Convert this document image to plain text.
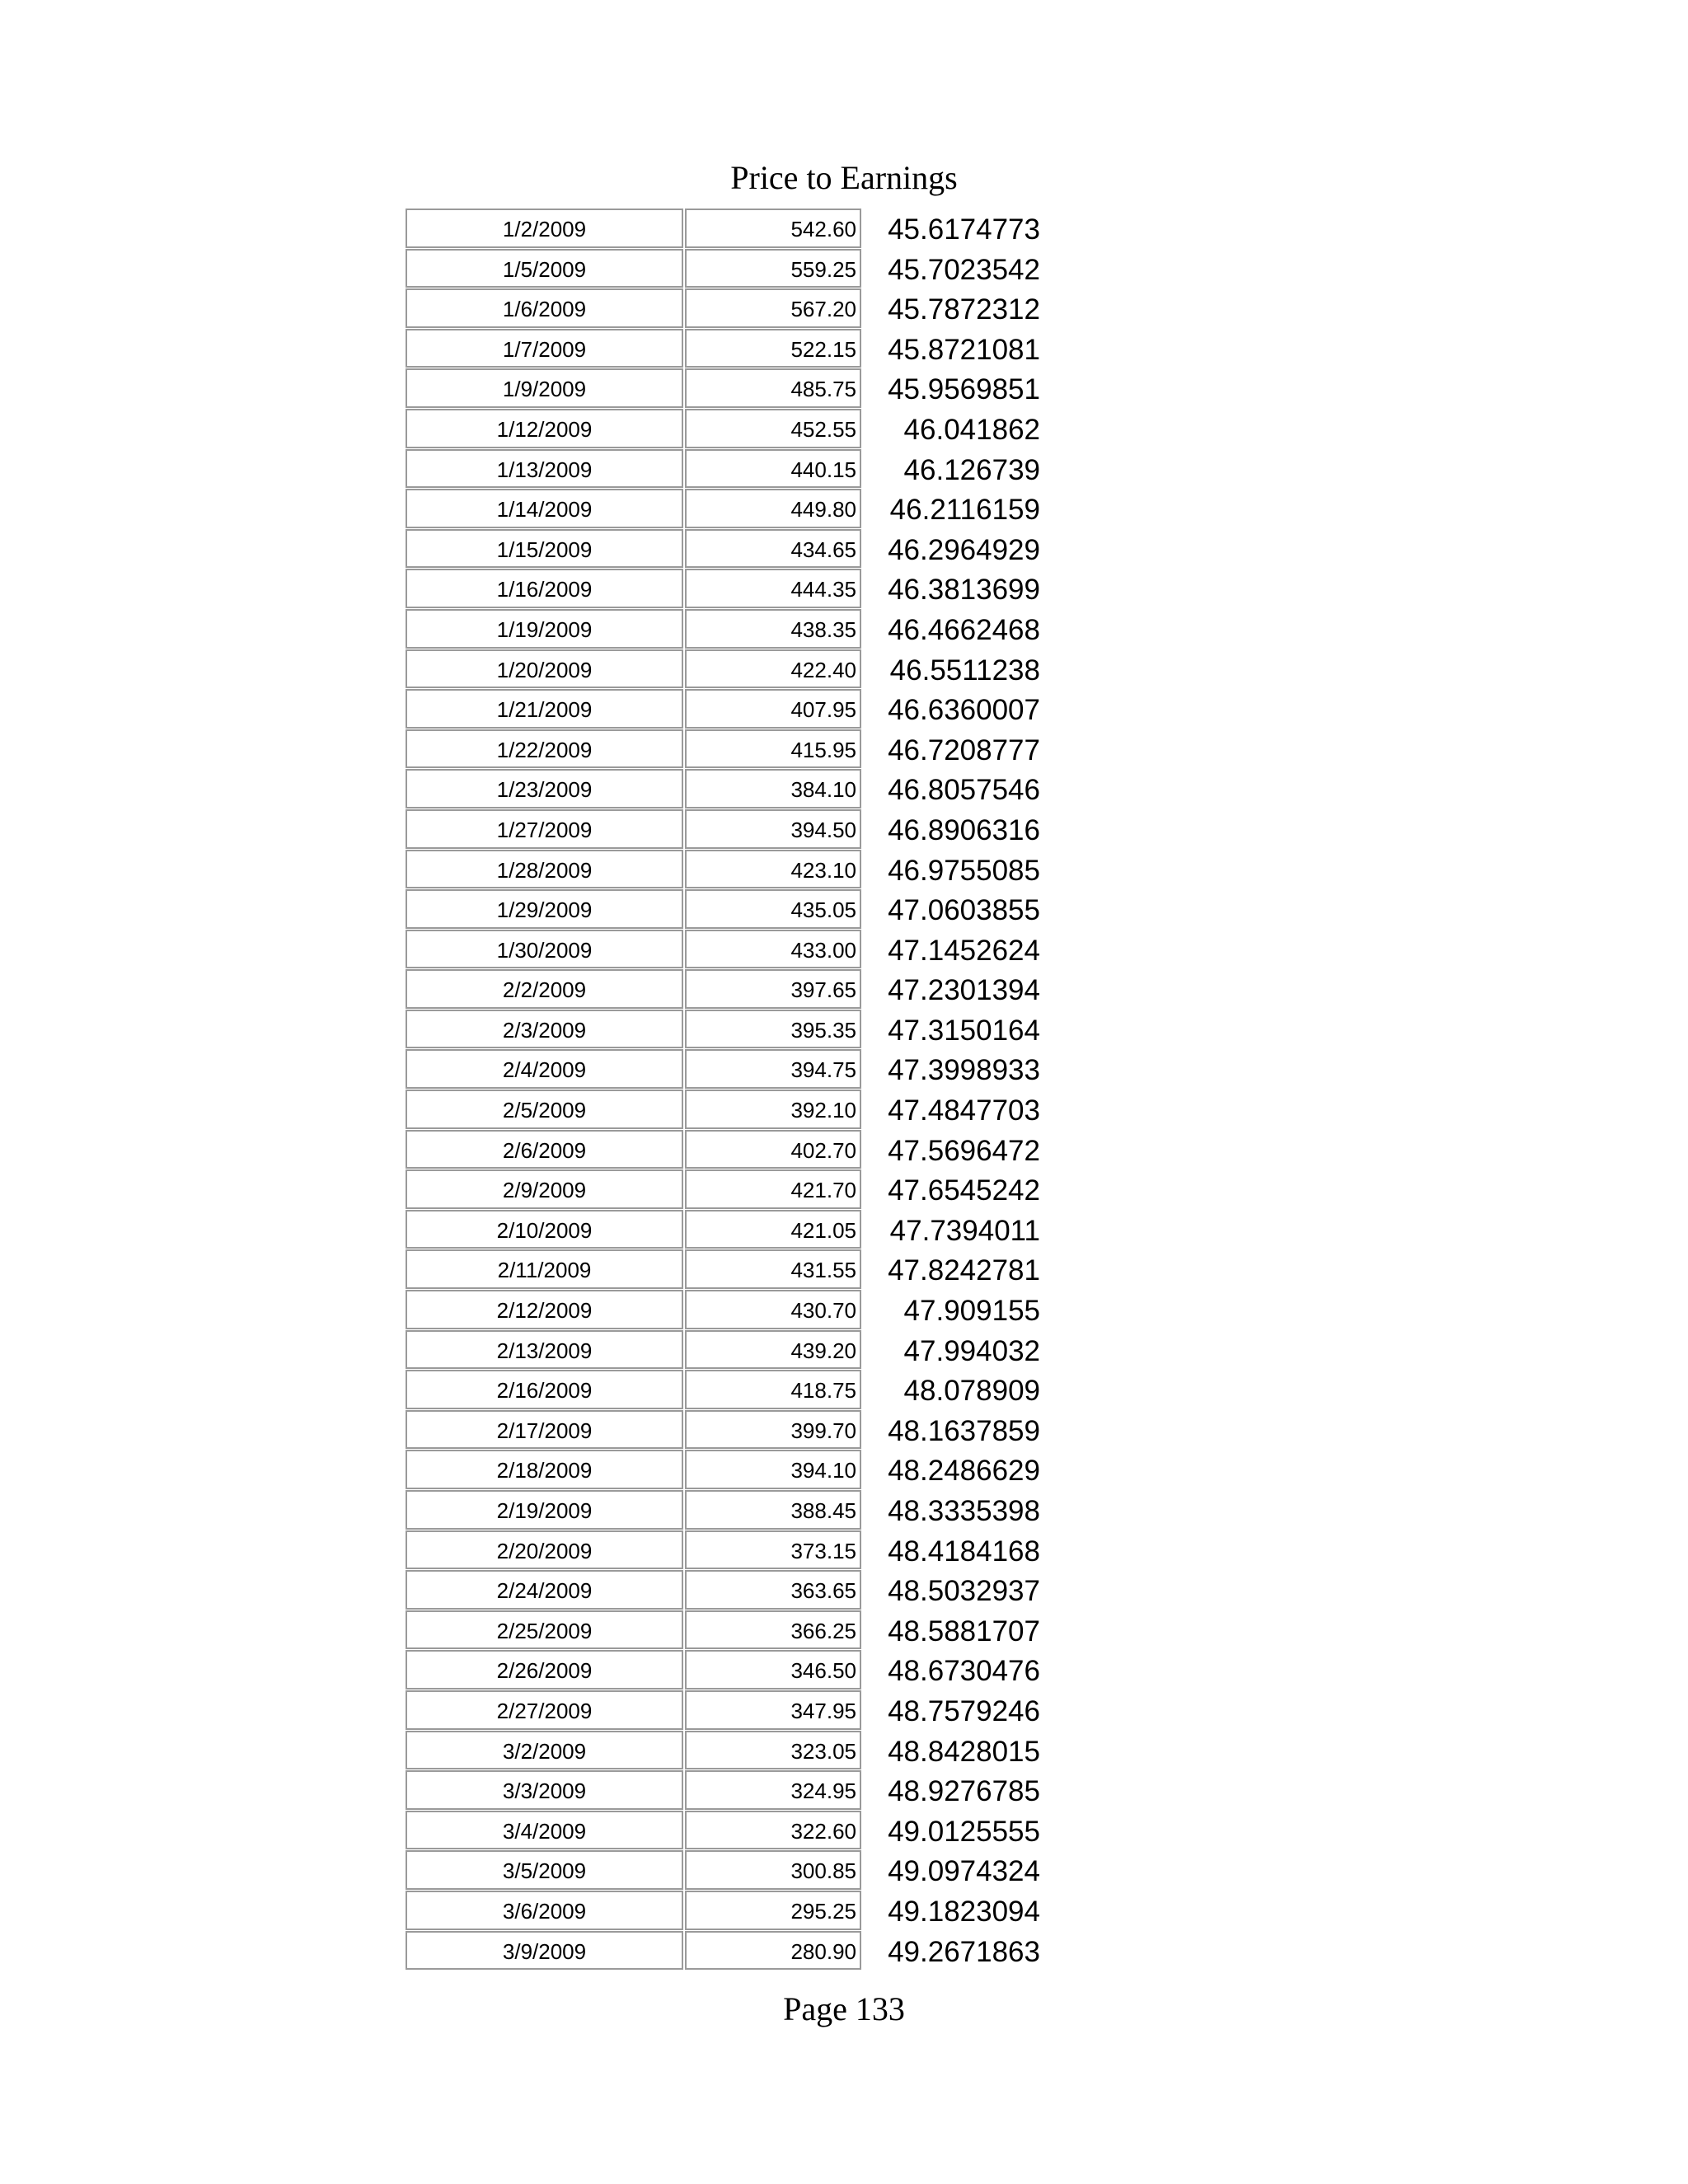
Price to Earnings
1/2/2009	542.60	45.6174773
1/5/2009	559.25	45.7023542
1/6/2009	567.20	45.7872312
1/7/2009	522.15	45.8721081
1/9/2009	485.75	45.9569851
1/12/2009	452.55	46.041862
1/13/2009	440.15	46.126739
1/14/2009	449.80	46.2116159
1/15/2009	434.65	46.2964929
1/16/2009	444.35	46.3813699
1/19/2009	438.35	46.4662468
1/20/2009	422.40	46.5511238
1/21/2009	407.95	46.6360007
1/22/2009	415.95	46.7208777
1/23/2009	384.10	46.8057546
1/27/2009	394.50	46.8906316
1/28/2009	423.10	46.9755085
1/29/2009	435.05	47.0603855
1/30/2009	433.00	47.1452624
2/2/2009	397.65	47.2301394
2/3/2009	395.35	47.3150164
2/4/2009	394.75	47.3998933
2/5/2009	392.10	47.4847703
2/6/2009	402.70	47.5696472
2/9/2009	421.70	47.6545242
2/10/2009	421.05	47.7394011
2/11/2009	431.55	47.8242781
2/12/2009	430.70	47.909155
2/13/2009	439.20	47.994032
2/16/2009	418.75	48.078909
2/17/2009	399.70	48.1637859
2/18/2009	394.10	48.2486629
2/19/2009	388.45	48.3335398
2/20/2009	373.15	48.4184168
2/24/2009	363.65	48.5032937
2/25/2009	366.25	48.5881707
2/26/2009	346.50	48.6730476
2/27/2009	347.95	48.7579246
3/2/2009	323.05	48.8428015
3/3/2009	324.95	48.9276785
3/4/2009	322.60	49.0125555
3/5/2009	300.85	49.0974324
3/6/2009	295.25	49.1823094
3/9/2009	280.90	49.2671863
Page 133
